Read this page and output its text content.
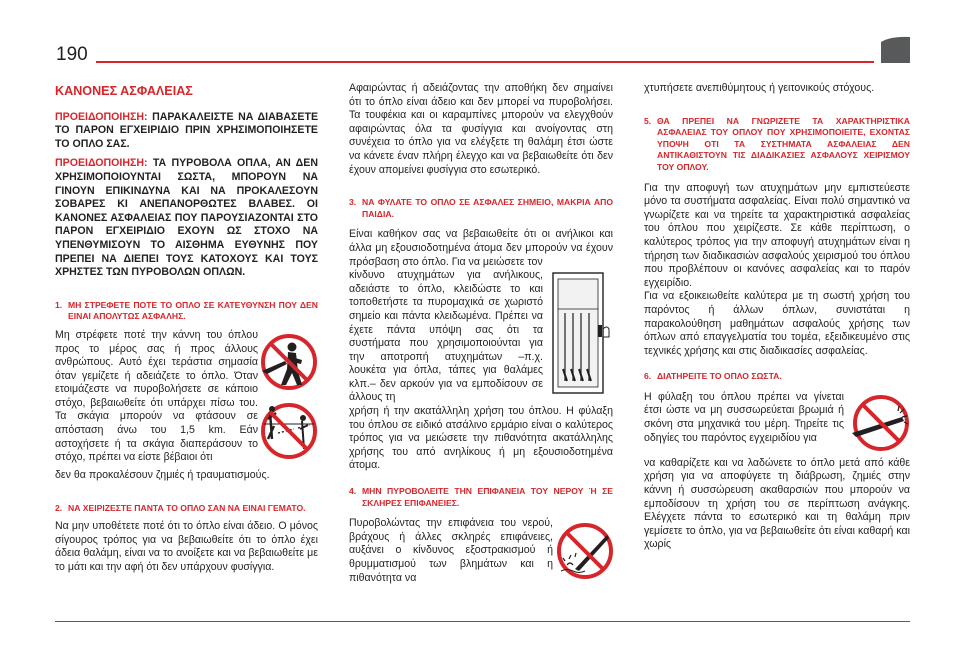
190
ΚΑΝΟΝΕΣ ΑΣΦΑΛΕΙΑΣ

ΠΡΟΕΙΔΟΠΟΙΗΣΗ: ΠΑΡΑΚΑΛΕΙΣΤΕ ΝΑ ΔΙΑΒΑΣΕΤΕ ΤΟ ΠΑΡΟΝ ΕΓΧΕΙΡΙΔΙΟ ΠΡΙΝ ΧΡΗΣΙΜΟΠΟΙΗΣΕΤΕ ΤΟ ΟΠΛΟ ΣΑΣ.

ΠΡΟΕΙΔΟΠΟΙΗΣΗ: ΤΑ ΠΥΡΟΒΟΛΑ ΟΠΛΑ, ΑΝ ΔΕΝ ΧΡΗΣΙΜΟΠΟΙΟΥΝΤΑΙ ΣΩΣΤΑ, ΜΠΟΡΟΥΝ ΝΑ ΓΙΝΟΥΝ ΕΠΙΚΙΝΔΥΝΑ ΚΑΙ ΝΑ ΠΡΟΚΑΛΕΣΟΥΝ ΣΟΒΑΡΕΣ ΚΙ ΑΝΕΠΑΝΟΡΘΩΤΕΣ ΒΛΑΒΕΣ. ΟΙ ΚΑΝΟΝΕΣ ΑΣΦΑΛΕΙΑΣ ΠΟΥ ΠΑΡΟΥΣΙΑΖΟΝΤΑΙ ΣΤΟ ΠΑΡΟΝ ΕΓΧΕΙΡΙΔΙΟ ΕΧΟΥΝ ΩΣ ΣΤΟΧΟ ΝΑ ΥΠΕΝΘΥΜΙΣΟΥΝ ΤΟ ΑΙΣΘΗΜΑ ΕΥΘΥΝΗΣ ΠΟΥ ΠΡΕΠΕΙ ΝΑ ΔΙΕΠΕΙ ΤΟΥΣ ΚΑΤΟΧΟΥΣ ΚΑΙ ΤΟΥΣ ΧΡΗΣΤΕΣ ΤΩΝ ΠΥΡΟΒΟΛΩΝ ΟΠΛΩΝ.

1. ΜΗ ΣΤΡΕΦΕΤΕ ΠΟΤΕ ΤΟ ΟΠΛΟ ΣΕ ΚΑΤΕΥΘΥΝΣΗ ΠΟΥ ΔΕΝ ΕΙΝΑΙ ΑΠΟΛΥΤΩΣ ΑΣΦΑΛΗΣ.

Μη στρέφετε ποτέ την κάννη του όπλου προς το μέρος σας ή προς άλλους ανθρώπους. Αυτό έχει τεράστια σημασία όταν γεμίζετε ή αδειάζετε το όπλο. Όταν ετοιμάζεστε να πυροβολήσετε σε κάποιο στόχο, βεβαιωθείτε ότι υπάρχει πίσω του. Τα σκάγια μπορούν να φτάσουν σε απόσταση άνω του 1,5 km. Εάν αστοχήσετε ή τα σκάγια διαπεράσουν το στόχο, πρέπει να είστε βέβαιοι ότι

δεν θα προκαλέσουν ζημιές ή τραυματισμούς.

2. ΝΑ ΧΕΙΡΙΖΕΣΤΕ ΠΑΝΤΑ ΤΟ ΟΠΛΟ ΣΑΝ ΝΑ ΕΙΝΑΙ ΓΕΜΑΤΟ.

Να μην υποθέτετε ποτέ ότι το όπλο είναι άδειο. Ο μόνος σίγουρος τρόπος για να βεβαιωθείτε ότι το όπλο έχει άδεια θαλάμη, είναι να το ανοίξετε και να βεβαιωθείτε με το μάτι και την αφή ότι δεν υπάρχουν φυσίγγια.

Αφαιρώντας ή αδειάζοντας την αποθήκη δεν σημαίνει ότι το όπλο είναι άδειο και δεν μπορεί να πυροβολήσει. Τα τουφέκια και οι καραμπίνες μπορούν να ελεγχθούν αφαιρώντας όλα τα φυσίγγια και ανοίγοντας στη συνέχεια το όπλο για να ελέγξετε τη θαλάμη έτσι ώστε να κάνετε έναν πλήρη έλεγχο και να βεβαιωθείτε ότι δεν έχουν απομείνει φυσίγγια στο εσωτερικό.

3. ΝΑ ΦΥΛΑΤΕ ΤΟ ΟΠΛΟ ΣΕ ΑΣΦΑΛΕΣ ΣΗΜΕΙΟ, ΜΑΚΡΙΑ ΑΠΟ ΠΑΙΔΙΑ.

Είναι καθήκον σας να βεβαιωθείτε ότι οι ανήλικοι και άλλα μη εξουσιοδοτημένα άτομα δεν μπορούν να έχουν πρόσβαση στο όπλο. Για να μειώσετε τον

κίνδυνο ατυχημάτων για ανήλικους, αδειάστε το όπλο, κλειδώστε το και τοποθετήστε τα πυρομαχικά σε χωριστό σημείο και πάντα κλειδωμένα. Πρέπει να έχετε πάντα υπόψη σας ότι τα συστήματα που χρησιμοποιούνται για την αποτροπή ατυχημάτων –π.χ. λουκέτα για όπλα, τάπες για θαλάμες κλπ.– δεν αρκούν για να εμποδίσουν σε άλλους τη

χρήση ή την ακατάλληλη χρήση του όπλου. Η φύλαξη του όπλου σε ειδικό ατσάλινο ερμάριο είναι ο καλύτερος τρόπος για να μειώσετε την πιθανότητα ακατάλληλης χρήσης του από ανηλίκους ή μη εξουσιοδοτημένα άτομα.

4. ΜΗΝ ΠΥΡΟΒΟΛΕΙΤΕ ΤΗΝ ΕΠΙΦΑΝΕΙΑ ΤΟΥ ΝΕΡΟΥ Ή ΣΕ ΣΚΛΗΡΕΣ ΕΠΙΦΑΝΕΙΕΣ.

Πυροβολώντας την επιφάνεια του νερού, βράχους ή άλλες σκληρές επιφάνειες, αυξάνει ο κίνδυνος εξοστρακισμού ή θρυμματισμού των βλημάτων και η πιθανότητα να

χτυπήσετε ανεπιθύμητους ή γειτονικούς στόχους.

5. ΘΑ ΠΡΕΠΕΙ ΝΑ ΓΝΩΡΙΖΕΤΕ ΤΑ ΧΑΡΑΚΤΗΡΙΣΤΙΚΑ ΑΣΦΑΛΕΙΑΣ ΤΟΥ ΟΠΛΟΥ ΠΟΥ ΧΡΗΣΙΜΟΠΟΙΕΙΤΕ, ΕΧΟΝΤΑΣ ΥΠΟΨΗ ΟΤΙ ΤΑ ΣΥΣΤΗΜΑΤΑ ΑΣΦΑΛΕΙΑΣ ΔΕΝ ΑΝΤΙΚΑΘΙΣΤΟΥΝ ΤΙΣ ΔΙΑΔΙΚΑΣΙΕΣ ΑΣΦΑΛΟΥΣ ΧΕΙΡΙΣΜΟΥ ΤΟΥ ΟΠΛΟΥ.

Για την αποφυγή των ατυχημάτων μην εμπιστεύεστε μόνο τα συστήματα ασφαλείας. Είναι πολύ σημαντικό να γνωρίζετε και να τηρείτε τα χαρακτηριστικά ασφαλείας του όπλου που χειρίζεστε. Σε κάθε περίπτωση, ο καλύτερος τρόπος για την αποφυγή ατυχημάτων είναι η τήρηση των διαδικασιών ασφαλούς χειρισμού του όπλου που προβλέπουν οι κανόνες ασφαλείας και το παρόν εγχειρίδιο.

Για να εξοικειωθείτε καλύτερα με τη σωστή χρήση του παρόντος ή άλλων όπλων, συνιστάται η παρακολούθηση μαθημάτων ασφαλούς χρήσης των όπλων από επαγγελματία του τομέα, εξειδικευμένο στις τεχνικές χρήσης και στις διαδικασίες ασφαλείας.

6. ΔΙΑΤΗΡΕΙΤΕ ΤΟ ΟΠΛΟ ΣΩΣΤΑ.

Η φύλαξη του όπλου πρέπει να γίνεται έτσι ώστε να μη συσσωρεύεται βρωμιά ή σκόνη στα μηχανικά του μέρη. Τηρείτε τις οδηγίες του παρόντος εγχειριδίου για

να καθαρίζετε και να λαδώνετε το όπλο μετά από κάθε χρήση για να αποφύγετε τη διάβρωση, ζημιές στην κάννη ή συσσώρευση ακαθαρσιών που μπορούν να εμποδίσουν τη χρήση του σε περίπτωση ανάγκης. Ελέγχετε πάντα το εσωτερικό και τη θαλάμη πριν γεμίσετε το όπλο, για να βεβαιωθείτε ότι είναι καθαρή και χωρίς
